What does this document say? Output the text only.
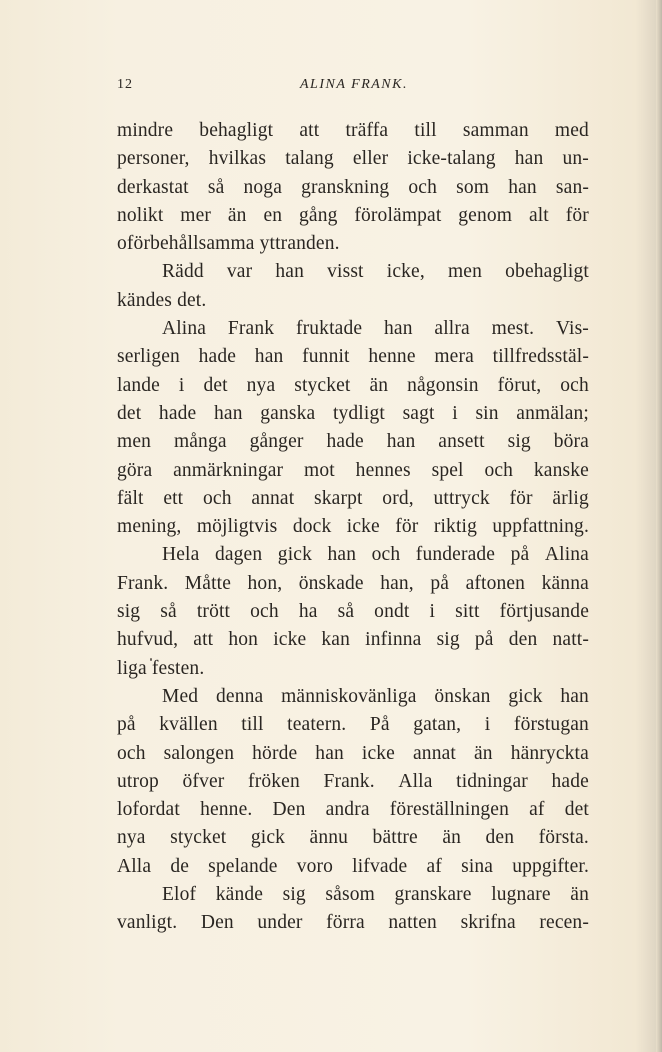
12	ALINA FRANK.
mindre behagligt att träffa till samman med
personer, hvilkas talang eller icke-talang han un-
derkastat så noga granskning och som han san-
nolikt mer än en gång förolämpat genom alt för
oförbehållsamma yttranden.
Rädd var han visst icke, men obehagligt
kändes det.
Alina Frank fruktade han allra mest. Vis-
serligen hade han funnit henne mera tillfredsstäl-
lande i det nya stycket än någonsin förut, och
det hade han ganska tydligt sagt i sin anmälan;
men många gånger hade han ansett sig böra
göra anmärkningar mot hennes spel och kanske
fält ett och annat skarpt ord, uttryck för ärlig
mening, möjligtvis dock icke för riktig uppfattning.
Hela dagen gick han och funderade på Alina
Frank. Måtte hon, önskade han, på aftonen känna
sig så trött och ha så ondt i sitt förtjusande
hufvud, att hon icke kan infinna sig på den natt-
liga festen.
Med denna människovänliga önskan gick han
på kvällen till teatern. På gatan, i förstugan
och salongen hörde han icke annat än hänryckta
utrop öfver fröken Frank. Alla tidningar hade
lofordat henne. Den andra föreställningen af det
nya stycket gick ännu bättre än den första.
Alla de spelande voro lifvade af sina uppgifter.
Elof kände sig såsom granskare lugnare än
vanligt. Den under förra natten skrifna recen-
